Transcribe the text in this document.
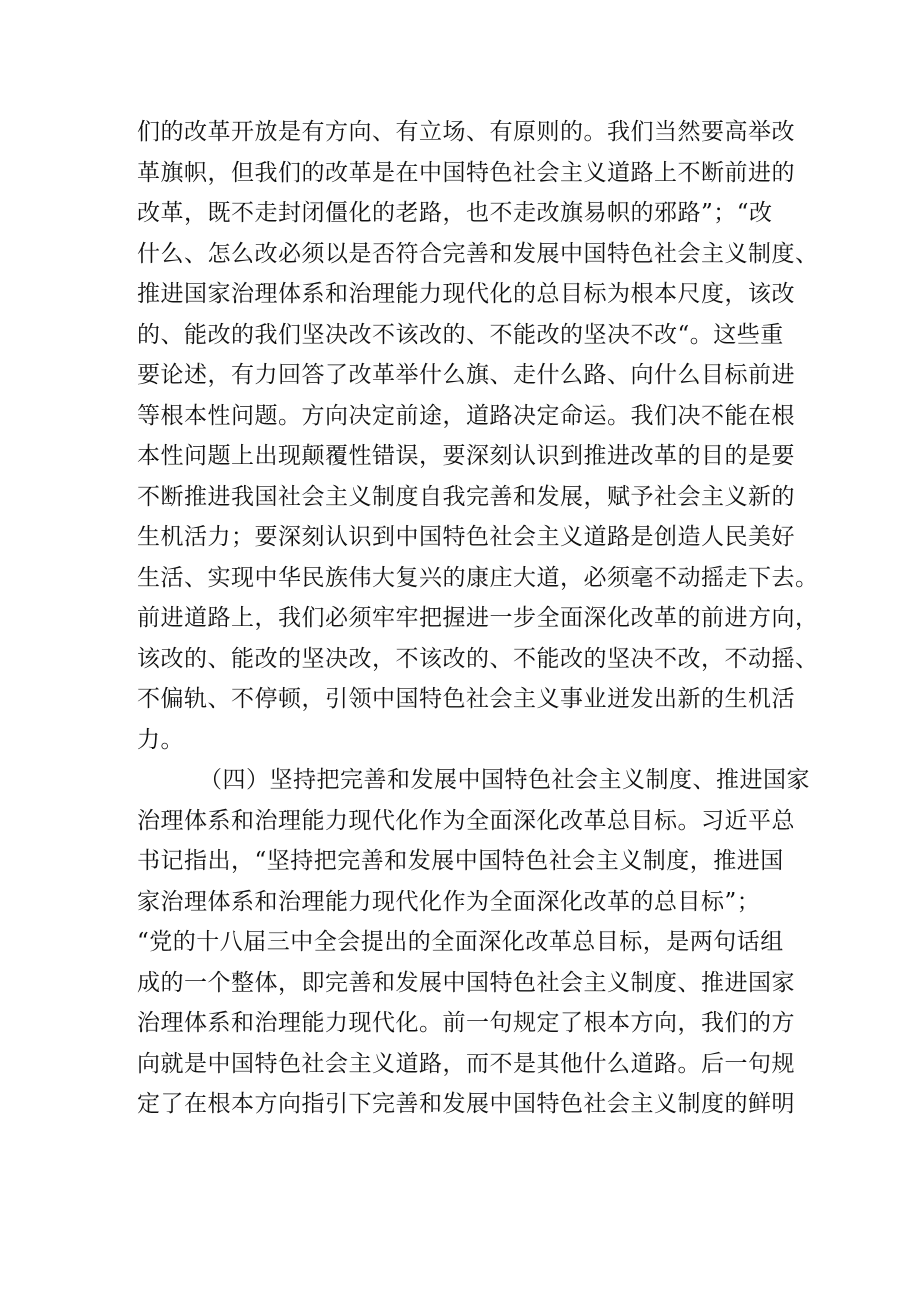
们的改革开放是有方向、有立场、有原则的。我们当然要高举改
革旗帜，但我们的改革是在中国特色社会主义道路上不断前进的
改革，既不走封闭僵化的老路，也不走改旗易帜的邪路”；“改
什么、怎么改必须以是否符合完善和发展中国特色社会主义制度、
推进国家治理体系和治理能力现代化的总目标为根本尺度，该改
的、能改的我们坚决改不该改的、不能改的坚决不改“。这些重
要论述，有力回答了改革举什么旗、走什么路、向什么目标前进
等根本性问题。方向决定前途，道路决定命运。我们决不能在根
本性问题上出现颠覆性错误，要深刻认识到推进改革的目的是要
不断推进我国社会主义制度自我完善和发展，赋予社会主义新的
生机活力；要深刻认识到中国特色社会主义道路是创造人民美好
生活、实现中华民族伟大复兴的康庄大道，必须毫不动摇走下去。
前进道路上，我们必须牢牢把握进一步全面深化改革的前进方向，
该改的、能改的坚决改，不该改的、不能改的坚决不改，不动摇、
不偏轨、不停顿，引领中国特色社会主义事业迸发出新的生机活
力。
（四）坚持把完善和发展中国特色社会主义制度、推进国家
治理体系和治理能力现代化作为全面深化改革总目标。习近平总
书记指出，“坚持把完善和发展中国特色社会主义制度，推进国
家治理体系和治理能力现代化作为全面深化改革的总目标”；
“党的十八届三中全会提出的全面深化改革总目标，是两句话组
成的一个整体，即完善和发展中国特色社会主义制度、推进国家
治理体系和治理能力现代化。前一句规定了根本方向，我们的方
向就是中国特色社会主义道路，而不是其他什么道路。后一句规
定了在根本方向指引下完善和发展中国特色社会主义制度的鲜明
